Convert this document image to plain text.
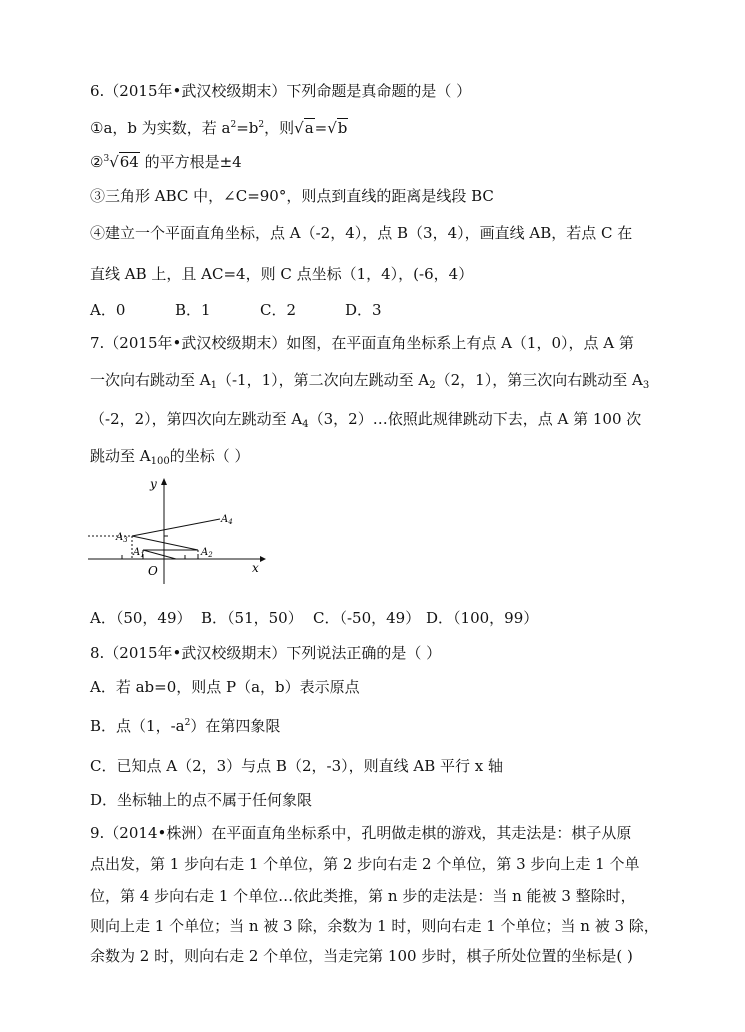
6.（2015年•武汉校级期末）下列命题是真命题的是（ ）
①a，b 为实数，若 $a^2=b^2$，则√a=√b
②$^3$√64 的平方根是±4
③三角形 ABC 中，∠C=90°，则点到直线的距离是线段 BC
④建立一个平面直角坐标，点 A（-2，4），点 B（3，4），画直线 AB，若点 C 在
直线 AB 上，且 AC=4，则 C 点坐标（1，4），(-6，4）
A．0	B．1	C．2	D．3
7.（2015年•武汉校级期末）如图，在平面直角坐标系上有点 A（1，0），点 A 第
一次向右跳动至 $A_1(-1$，1），第二次向左跳动至 $A_2(2$，1），第三次向右跳动至 $A_3$
（-2，2），第四次向左跳动至 $A_4(3$，2）…依照此规律跳动下去，点 A 第 100 次
跳动至 $A_{100}$的坐标（ ）
y
x
O
$A_1$	$A_2$
$A_3$
$A_4$
A．（50，49） B．（51，50） C．（-50，49） D．（100，99）
8.（2015年•武汉校级期末）下列说法正确的是（ ）
A．若 ab=0，则点 P（a，b）表示原点
B．点（1，$-a^2$）在第四象限
C．已知点 A（2，3）与点 B（2，-3），则直线 AB 平行 x 轴
D．坐标轴上的点不属于任何象限
9.（2014•株洲）在平面直角坐标系中，孔明做走棋的游戏，其走法是：棋子从原
点出发，第 1 步向右走 1 个单位，第 2 步向右走 2 个单位，第 3 步向上走 1 个单
位，第 4 步向右走 1 个单位…依此类推，第 n 步的走法是：当 n 能被 3 整除时，
则向上走 1 个单位；当 n 被 3 除，余数为 1 时，则向右走 1 个单位；当 n 被 3 除，
余数为 2 时，则向右走 2 个单位，当走完第 100 步时，棋子所处位置的坐标是( )
